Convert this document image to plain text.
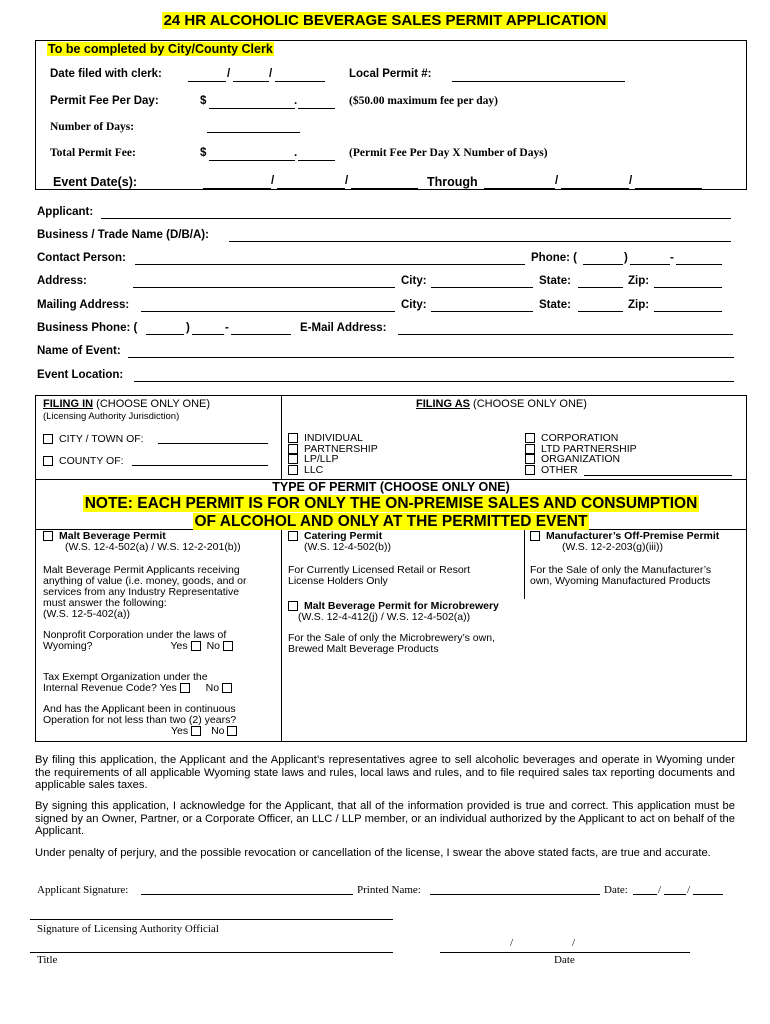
24 HR ALCOHOLIC BEVERAGE SALES PERMIT APPLICATION
To be completed by City/County Clerk
Date filed with clerk:	/	/	Local Permit #:
Permit Fee Per Day:	$	.	($50.00 maximum fee per day)
Number of Days:
Total Permit Fee:	$	.	(Permit Fee Per Day X Number of Days)
Event Date(s):	/	/	Through	/	/
Applicant:
Business / Trade Name (D/B/A):
Contact Person:	Phone: (	)	-
Address:	City:	State:	Zip:
Mailing Address:	City:	State:	Zip:
Business Phone: (	)	-	E-Mail Address:
Name of Event:
Event Location:
FILING IN (CHOOSE ONLY ONE)
(Licensing Authority Jurisdiction)
CITY / TOWN OF:
COUNTY OF:
FILING AS (CHOOSE ONLY ONE)
INDIVIDUAL
PARTNERSHIP
LP/LLP
LLC
CORPORATION
LTD PARTNERSHIP
ORGANIZATION
OTHER
TYPE OF PERMIT (CHOOSE ONLY ONE)
NOTE: EACH PERMIT IS FOR ONLY THE ON-PREMISE SALES AND CONSUMPTION
OF ALCOHOL AND ONLY AT THE PERMITTED EVENT
Malt Beverage Permit
(W.S. 12-4-502(a) / W.S. 12-2-201(b))
Malt Beverage Permit Applicants receiving
anything of value (i.e. money, goods, and or
services from any Industry Representative
must answer the following:
(W.S. 12-5-402(a))
Nonprofit Corporation under the laws of
Wyoming?	Yes No
Tax Exempt Organization under the
Internal Revenue Code? Yes	No
And has the Applicant been in continuous
Operation for not less than two (2) years?
Yes No
Catering Permit
(W.S. 12-4-502(b))
For Currently Licensed Retail or Resort
License Holders Only
Malt Beverage Permit for Microbrewery
(W.S. 12-4-412(j) / W.S. 12-4-502(a))
For the Sale of only the Microbrewery’s own,
Brewed Malt Beverage Products
Manufacturer’s Off-Premise Permit
(W.S. 12-2-203(g)(iii))
For the Sale of only the Manufacturer’s
own, Wyoming Manufactured Products
By filing this application, the Applicant and the Applicant’s representatives agree to sell alcoholic beverages and operate in Wyoming under the requirements of all applicable Wyoming state laws and rules, local laws and rules, and to file required sales tax reporting documents and applicable sales taxes.
By signing this application, I acknowledge for the Applicant, that all of the information provided is true and correct. This application must be signed by an Owner, Partner, or a Corporate Officer, an LLC / LLP member, or an individual authorized by the Applicant to act on behalf of the Applicant.
Under penalty of perjury, and the possible revocation or cancellation of the license, I swear the above stated facts, are true and accurate.
Applicant Signature:	Printed Name:	Date:	/ /
Signature of Licensing Authority Official
/	/
Title	Date
